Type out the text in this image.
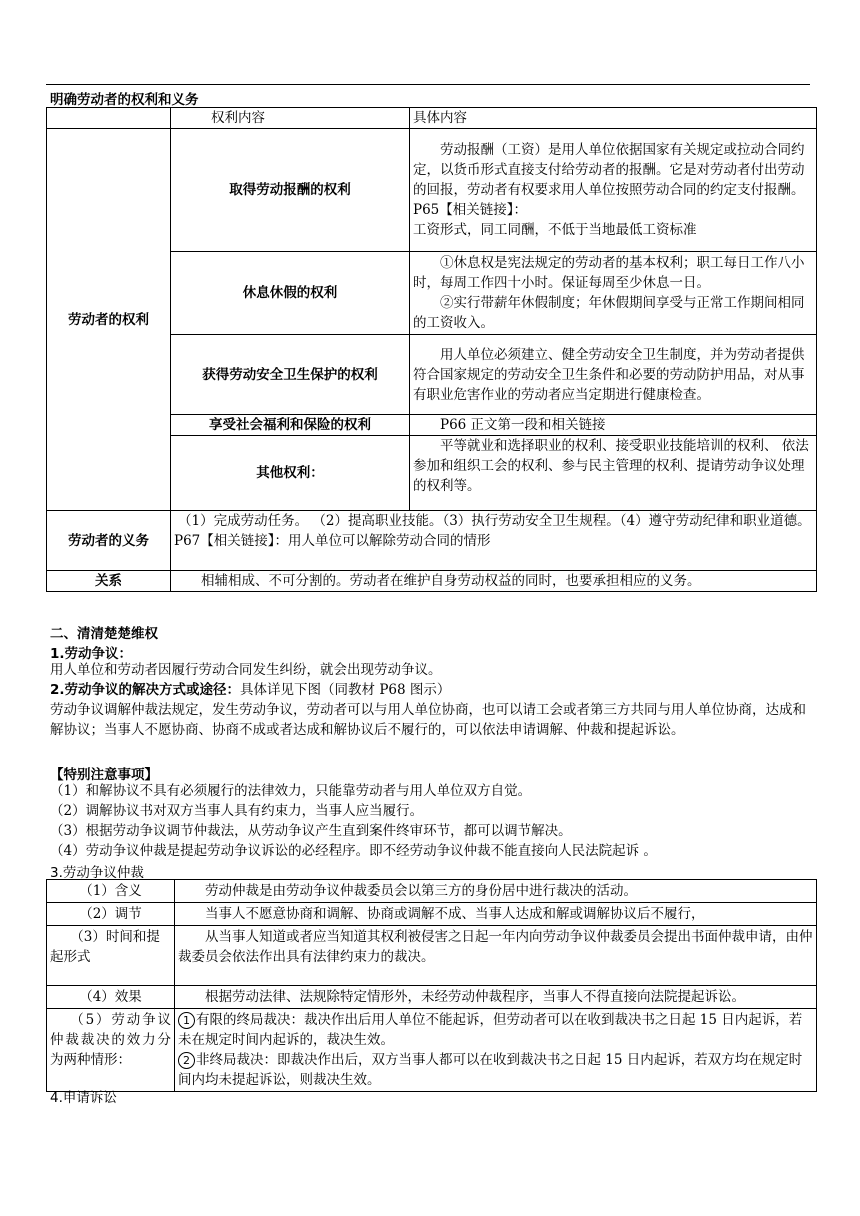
明确劳动者的权利和义务
	权利内容	具体内容
劳动者的权利	取得劳动报酬的权利	劳动报酬（工资）是用人单位依据国家有关规定或拉动合同约定，以货币形式直接支付给劳动者的报酬。它是对劳动者付出劳动的回报，劳动者有权要求用人单位按照劳动合同的约定支付报酬。
P65【相关链接】：
工资形式，同工同酬，不低于当地最低工资标准

	休息休假的权利	①休息权是宪法规定的劳动者的基本权利；职工每日工作八小时，每周工作四十小时。保证每周至少休息一日。
②实行带薪年休假制度；年休假期间享受与正常工作期间相同的工资收入。

	获得劳动安全卫生保护的权利	用人单位必须建立、健全劳动安全卫生制度，并为劳动者提供符合国家规定的劳动安全卫生条件和必要的劳动防护用品，对从事有职业危害作业的劳动者应当定期进行健康检查。

	享受社会福利和保险的权利	P66 正文第一段和相关链接

	其他权利：	平等就业和选择职业的权利、接受职业技能培训的权利、 依法参加和组织工会的权利、参与民主管理的权利、提请劳动争议处理的权利等。

劳动者的义务	（1）完成劳动任务。 （2）提高职业技能。（3）执行劳动安全卫生规程。（4）遵守劳动纪律和职业道德。
P67【相关链接】：用人单位可以解除劳动合同的情形	

关系	相辅相成、不可分割的。劳动者在维护自身劳动权益的同时，也要承担相应的义务。	
二、清清楚楚维权
1.劳动争议：
用人单位和劳动者因履行劳动合同发生纠纷，就会出现劳动争议。
2.劳动争议的解决方式或途径：具体详见下图（同教材 P68 图示）
劳动争议调解仲裁法规定，发生劳动争议，劳动者可以与用人单位协商，也可以请工会或者第三方共同与用人单位协商，达成和解协议；当事人不愿协商、协商不成或者达成和解协议后不履行的，可以依法申请调解、仲裁和提起诉讼。
【特别注意事项】
（1）和解协议不具有必须履行的法律效力，只能靠劳动者与用人单位双方自觉。
（2）调解协议书对双方当事人具有约束力，当事人应当履行。
（3）根据劳动争议调节仲裁法，从劳动争议产生直到案件终审环节，都可以调节解决。
（4）劳动争议仲裁是提起劳动争议诉讼的必经程序。即不经劳动争议仲裁不能直接向人民法院起诉 。
3.劳动争议仲裁
（1）含义	劳动仲裁是由劳动争议仲裁委员会以第三方的身份居中进行裁决的活动。
（2）调节	当事人不愿意协商和调解、协商或调解不成、当事人达成和解或调解协议后不履行，
（3）时间和提起形式	从当事人知道或者应当知道其权利被侵害之日起一年内向劳动争议仲裁委员会提出书面仲裁申请，由仲裁委员会依法作出具有法律约束力的裁决。
（4）效果	根据劳动法律、法规除特定情形外，未经劳动仲裁程序，当事人不得直接向法院提起诉讼。
（5）劳动争议仲裁裁决的效力分为两种情形：	1 有限的终局裁决：裁决作出后用人单位不能起诉，但劳动者可以在收到裁决书之日起 15 日内起诉，若未在规定时间内起诉的，裁决生效。
2 非终局裁决：即裁决作出后，双方当事人都可以在收到裁决书之日起 15 日内起诉，若双方均在规定时间内均未提起诉讼，则裁决生效。
4.申请诉讼
